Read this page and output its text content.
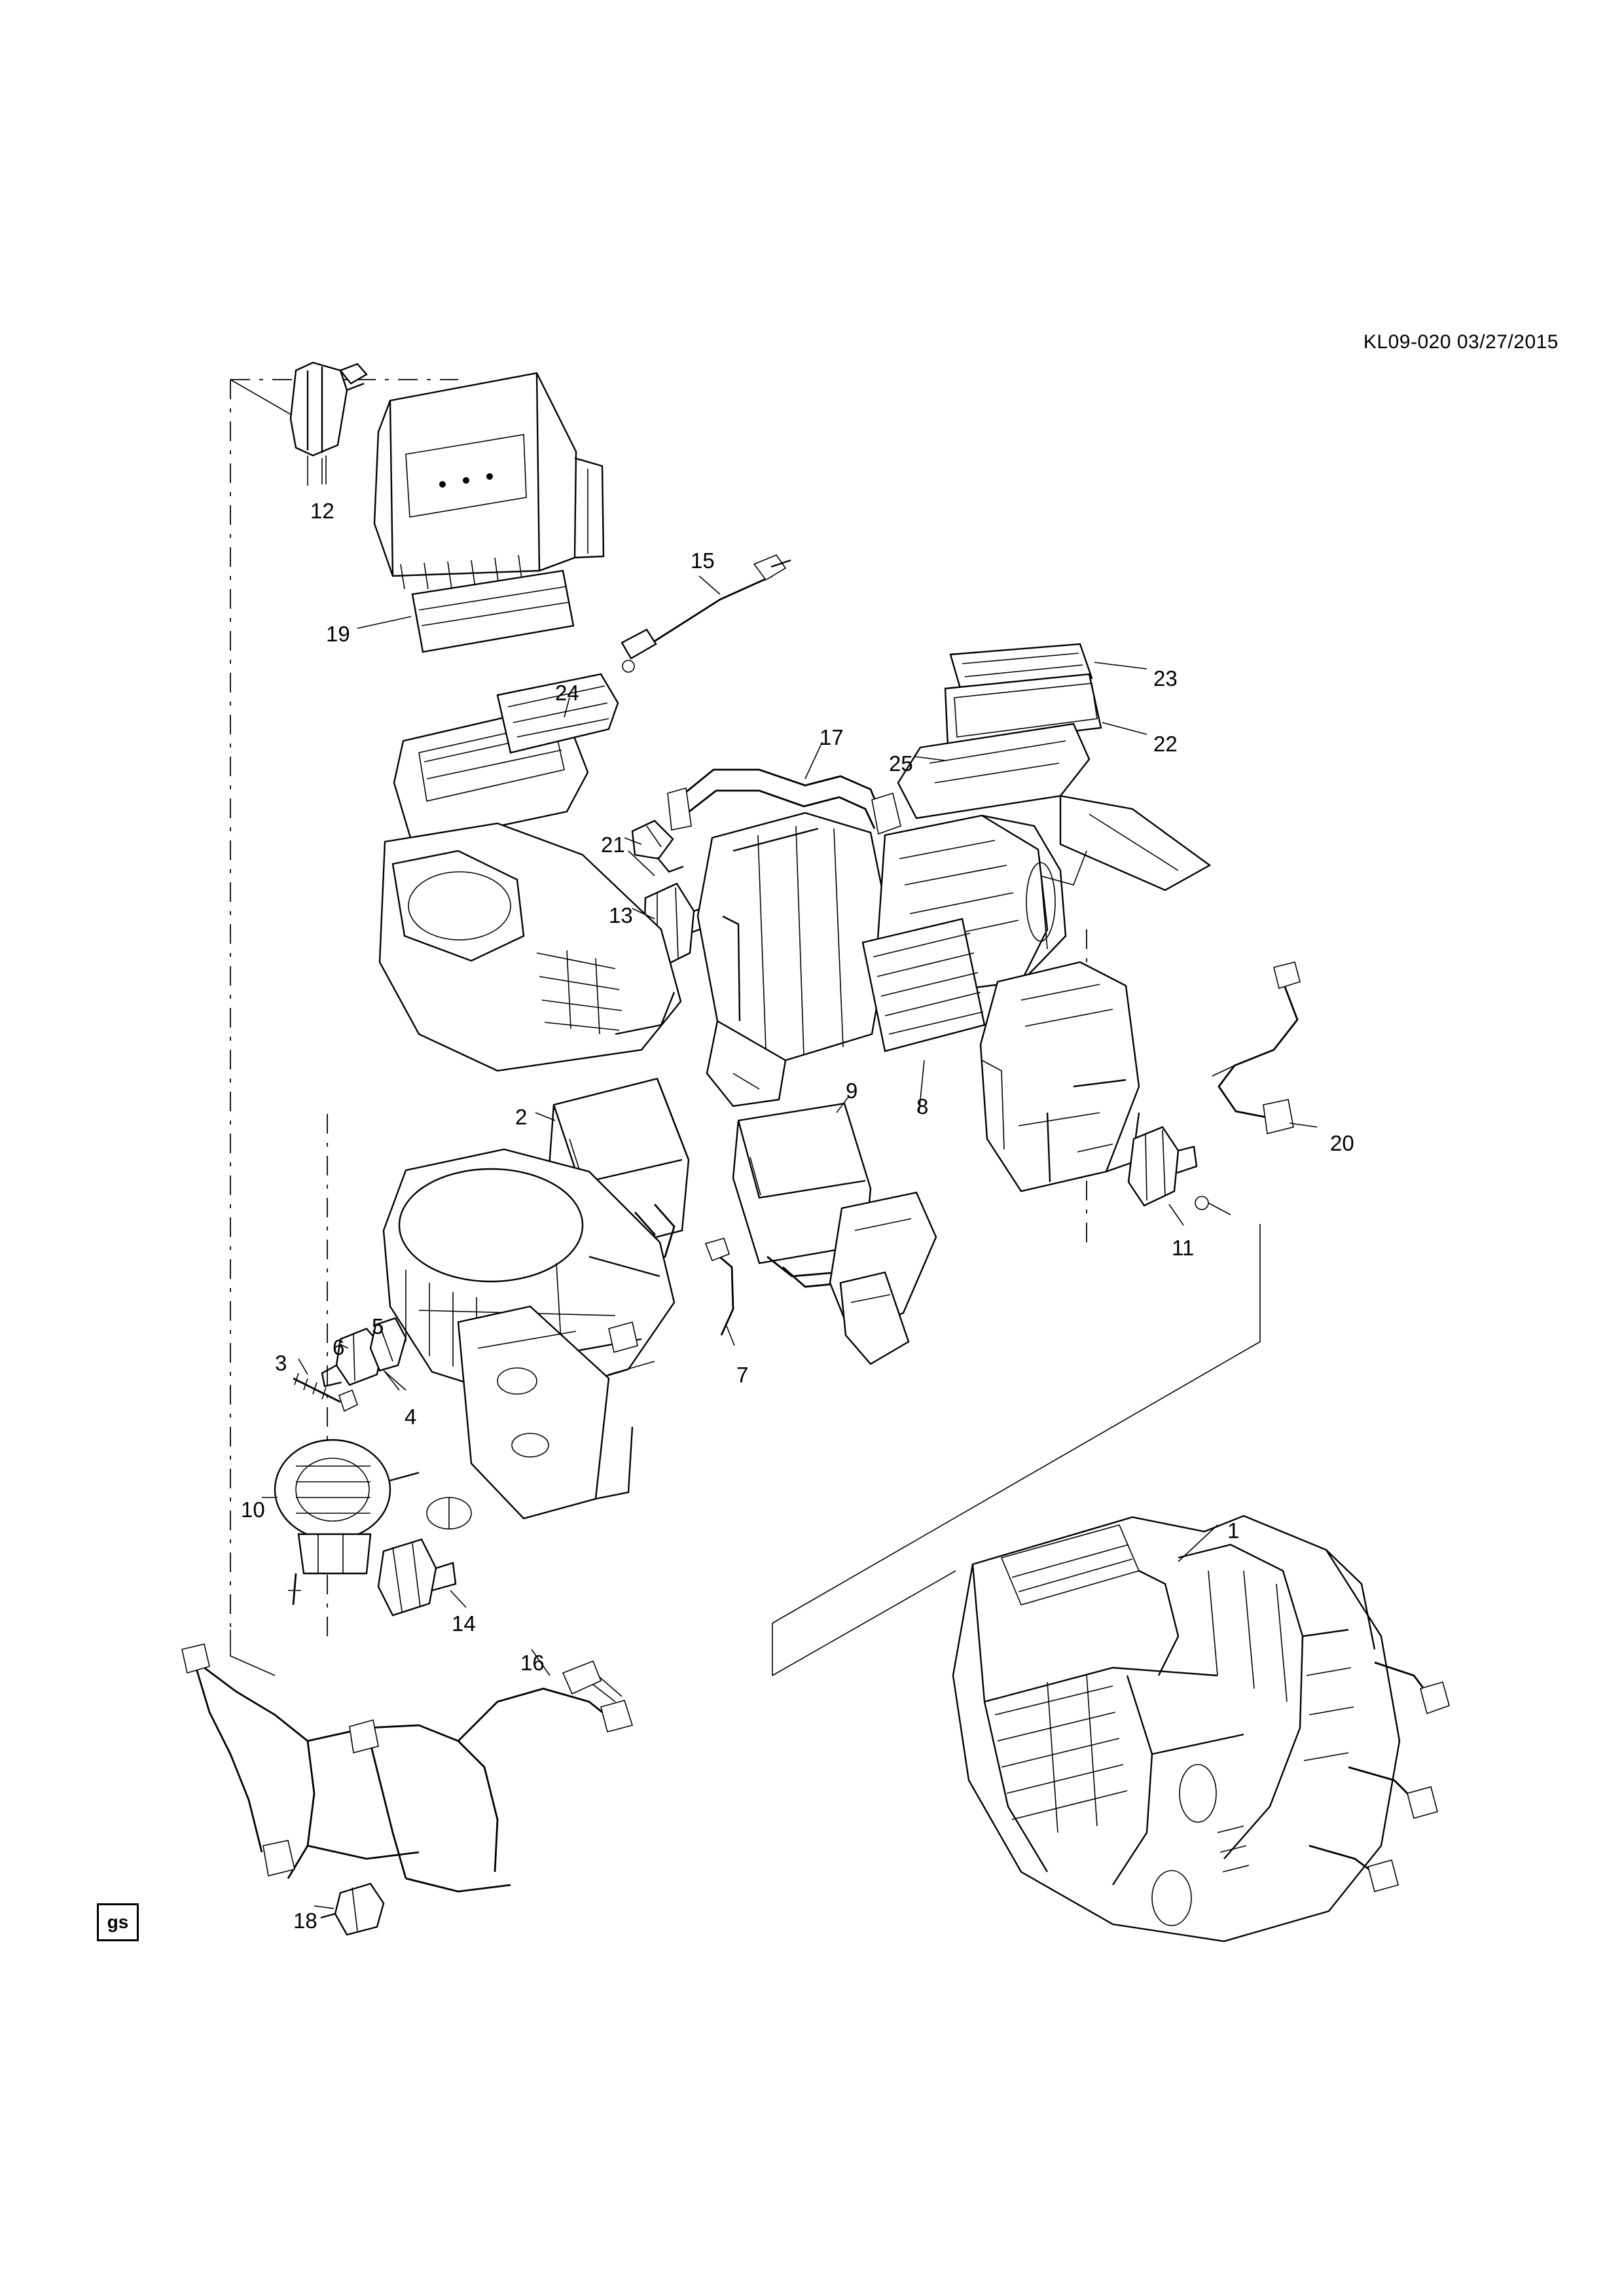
KL09-020 03/27/2015
gs
1
2
3
4
5
6
7
8
9
10
11
12
13
14
15
16
17
18
19
20
21
22
23
24
25
